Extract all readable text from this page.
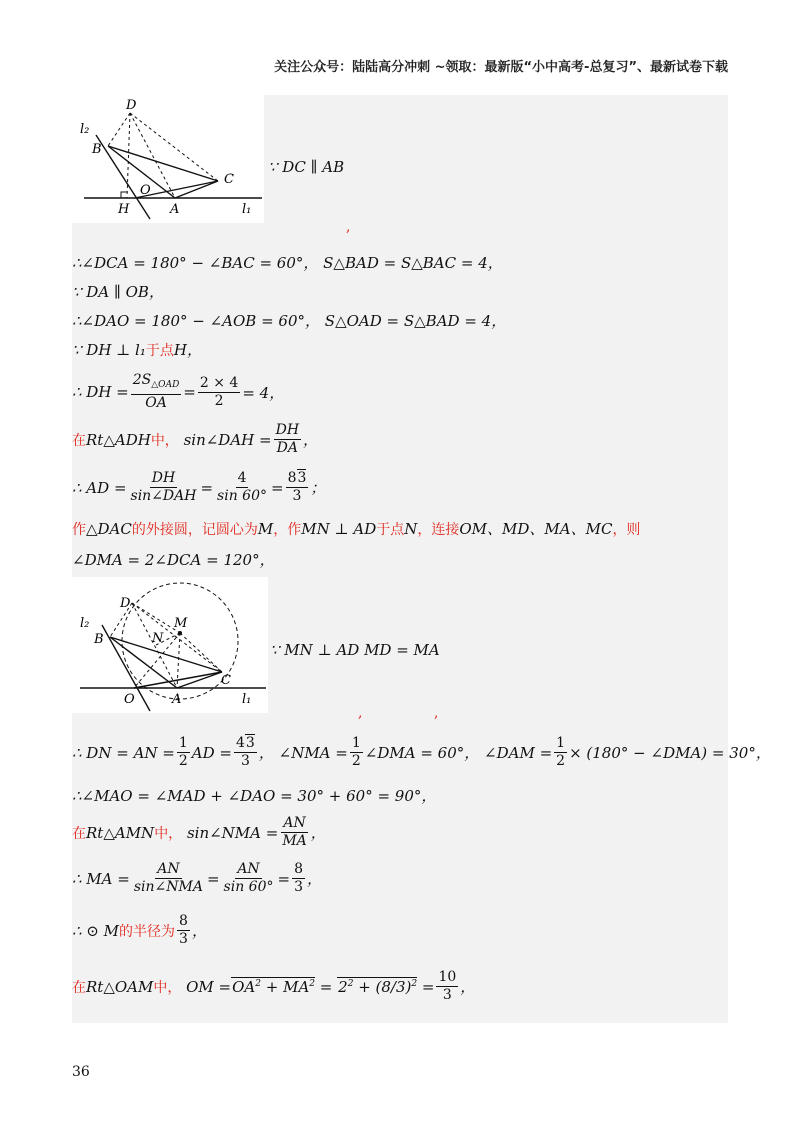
关注公众号：陆陆高分冲刺 ~领取：最新版“小中高考-总复习”、最新试卷下载
D
l₂
B
C
O
H	A	l₁
∵ DC ∥ AB
,
∴∠DCA = 180° − ∠BAC = 60°， S△BAD = S△BAC = 4，
∵ DA ∥ OB，
∴∠DAO = 180° − ∠AOB = 60°， S△OAD = S△BAD = 4，
∵ DH ⊥ l₁ 于点 H，
∴ DH = $\frac{2S_{\triangle OAD}}{OA} = \frac{2 \times 4}{2} = 4$，
在 Rt△ADH 中， sin∠DAH = $\frac{DH}{DA}$ ，
∴ AD = $\frac{DH}{\text{sin∠DAH}} = \frac{4}{\sin 60^\circ} = \frac{83}{3}$ ；
作 △DAC 的外接圆，记圆心为 M ，作 MN ⊥ AD 于点 N ，连接 OM、MD、MA、MC ，则
∠DMA = 2∠DCA = 120°，
D
M
l₂
N
B
C
O	A	l₁
∵ MN ⊥ AD MD = MA
,	,
∴ DN = AN = $\frac{1}{2}$ AD = $\frac{43}{3}$ ， ∠NMA = $\frac{1}{2}$ ∠DMA = 60°， ∠DAM = $\frac{1}{2} \times (180^\circ$ − ∠DMA) = 30°，
∴∠MAO = ∠MAD + ∠DAO = 30° + 60° = 90°，
在 Rt△AMN 中， sin∠NMA = $\frac{AN}{MA}$ ，
∴ MA = $\frac{AN}{\text{sin∠NMA}} = \frac{AN}{\sin 60^\circ} = \frac{8}{3}$ ，
∴ ⊙ M 的半径为 $\frac{8}{3}$ ，
在 Rt△OAM 中， OM = $OA^2 + MA^2 = 2^2 + (8/3)^2 = \frac{10}{3}$ ，
36
